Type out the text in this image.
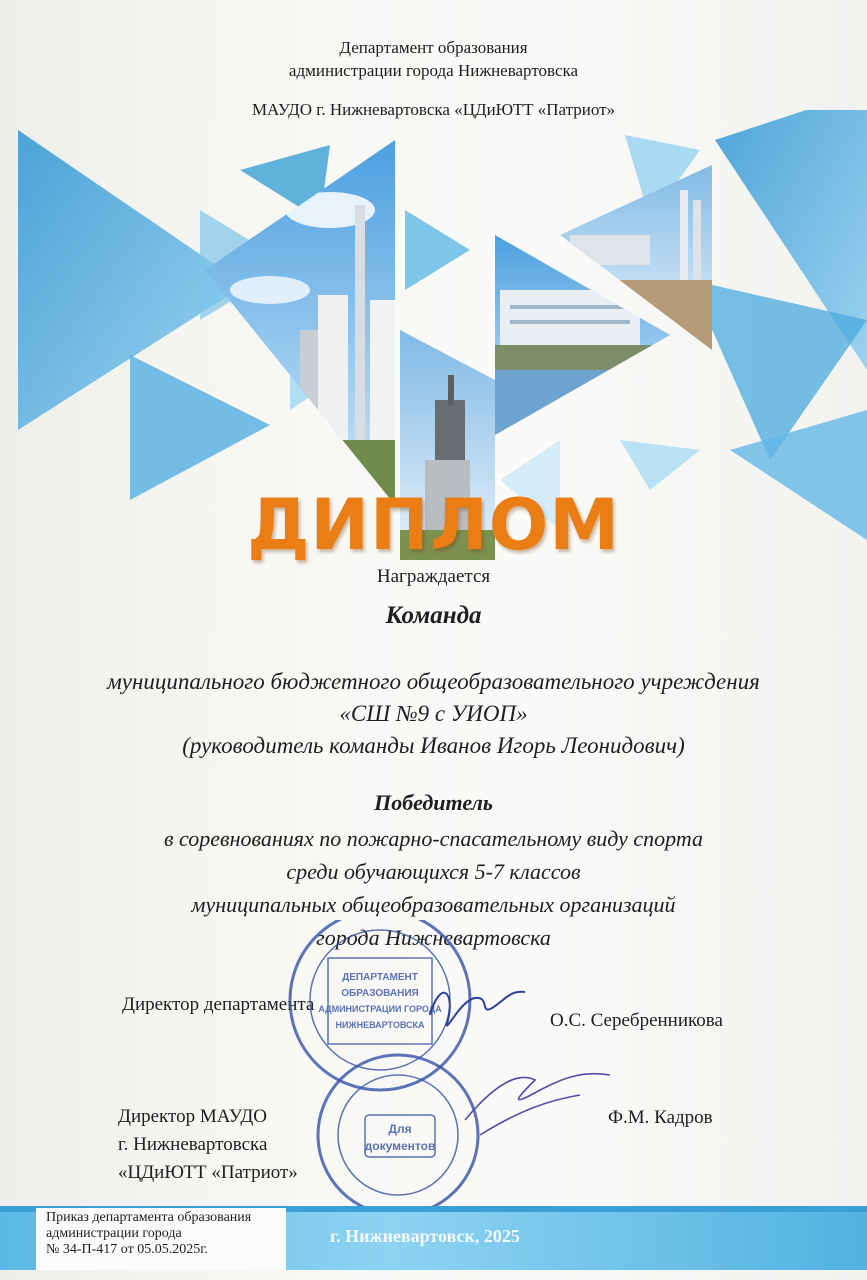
Департамент образования
администрации города Нижневартовска
МАУДО г. Нижневартовска «ЦДиЮТТ «Патриот»
ДИПЛОМ
Награждается
Команда
муниципального бюджетного общеобразовательного учреждения
«СШ №9 с УИОП»
(руководитель команды Иванов Игорь Леонидович)
Победитель
в соревнованиях по пожарно-спасательному виду спорта
среди обучающихся 5-7 классов
муниципальных общеобразовательных организаций
города Нижневартовска
Директор департамента
О.С. Серебренникова
Директор МАУДО
г. Нижневартовска
«ЦДиЮТТ «Патриот»
Ф.М. Кадров
ДЕПАРТАМЕНТ
ОБРАЗОВАНИЯ
АДМИНИСТРАЦИИ ГОРОДА
НИЖНЕВАРТОВСКА
Для
документов
Приказ департамента образования
администрации города
№ 34-П-417 от 05.05.2025г.
г. Нижневартовск, 2025
